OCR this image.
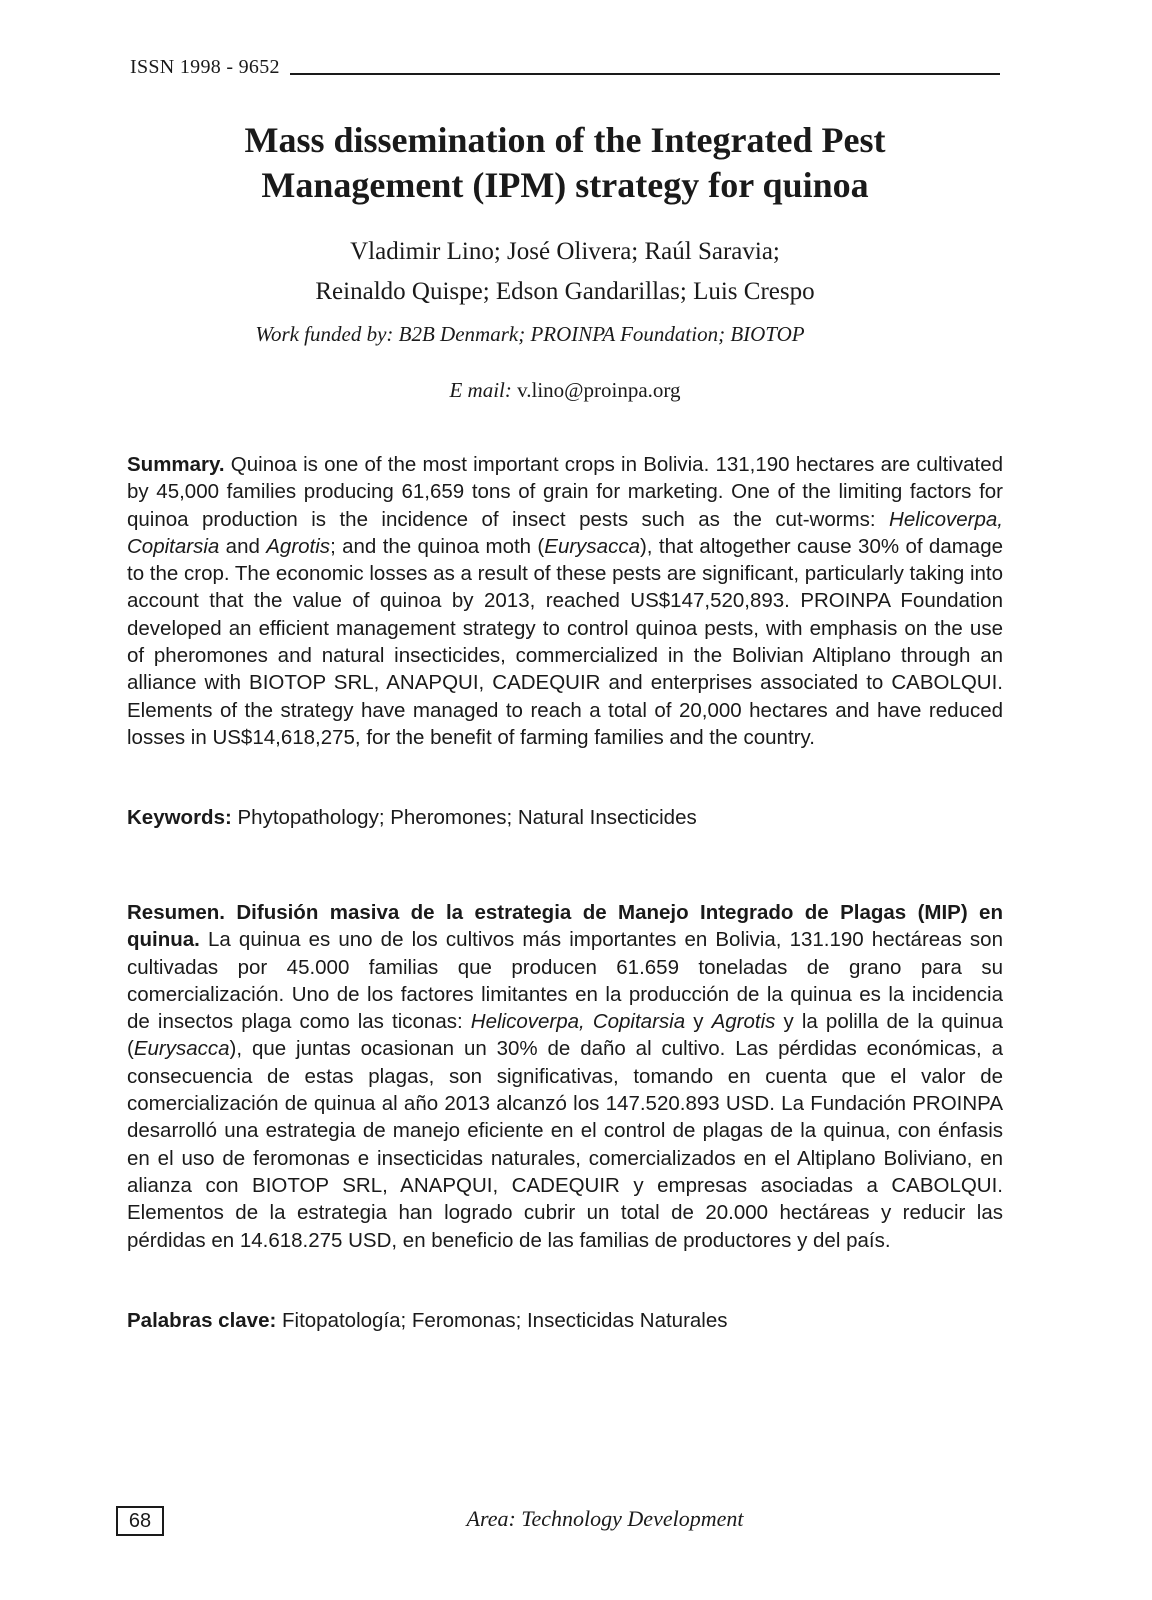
ISSN 1998 - 9652
Mass dissemination of the Integrated Pest
Management (IPM) strategy for quinoa
Vladimir Lino; José Olivera; Raúl Saravia;
Reinaldo Quispe; Edson Gandarillas; Luis Crespo
Work funded by: B2B Denmark; PROINPA Foundation; BIOTOP
E mail: v.lino@proinpa.org

Summary. Quinoa is one of the most important crops in Bolivia. 131,190 hectares are cultivated by 45,000 families producing 61,659 tons of grain for marketing. One of the limiting factors for quinoa production is the incidence of insect pests such as the cut-worms: Helicoverpa, Copitarsia and Agrotis; and the quinoa moth (Eurysacca), that altogether cause 30% of damage to the crop. The economic losses as a result of these pests are significant, particularly taking into account that the value of quinoa by 2013, reached US$147,520,893. PROINPA Foundation developed an efficient management strategy to control quinoa pests, with emphasis on the use of pheromones and natural insecticides, commercialized in the Bolivian Altiplano through an alliance with BIOTOP SRL, ANAPQUI, CADEQUIR and enterprises associated to CABOLQUI. Elements of the strategy have managed to reach a total of 20,000 hectares and have reduced losses in US$14,618,275, for the benefit of farming families and the country.

Keywords: Phytopathology; Pheromones; Natural Insecticides

Resumen. Difusión masiva de la estrategia de Manejo Integrado de Plagas (MIP) en quinua. La quinua es uno de los cultivos más importantes en Bolivia, 131.190 hectáreas son cultivadas por 45.000 familias que producen 61.659 toneladas de grano para su comercialización. Uno de los factores limitantes en la producción de la quinua es la incidencia de insectos plaga como las ticonas: Helicoverpa, Copitarsia y Agrotis y la polilla de la quinua (Eurysacca), que juntas ocasionan un 30% de daño al cultivo. Las pérdidas económicas, a consecuencia de estas plagas, son significativas, tomando en cuenta que el valor de comercialización de quinua al año 2013 alcanzó los 147.520.893 USD. La Fundación PROINPA desarrolló una estrategia de manejo eficiente en el control de plagas de la quinua, con énfasis en el uso de feromonas e insecticidas naturales, comercializados en el Altiplano Boliviano, en alianza con BIOTOP SRL, ANAPQUI, CADEQUIR y empresas asociadas a CABOLQUI. Elementos de la estrategia han logrado cubrir un total de 20.000 hectáreas y reducir las pérdidas en 14.618.275 USD, en beneficio de las familias de productores y del país.

Palabras clave: Fitopatología; Feromonas; Insecticidas Naturales

68	Area: Technology Development
